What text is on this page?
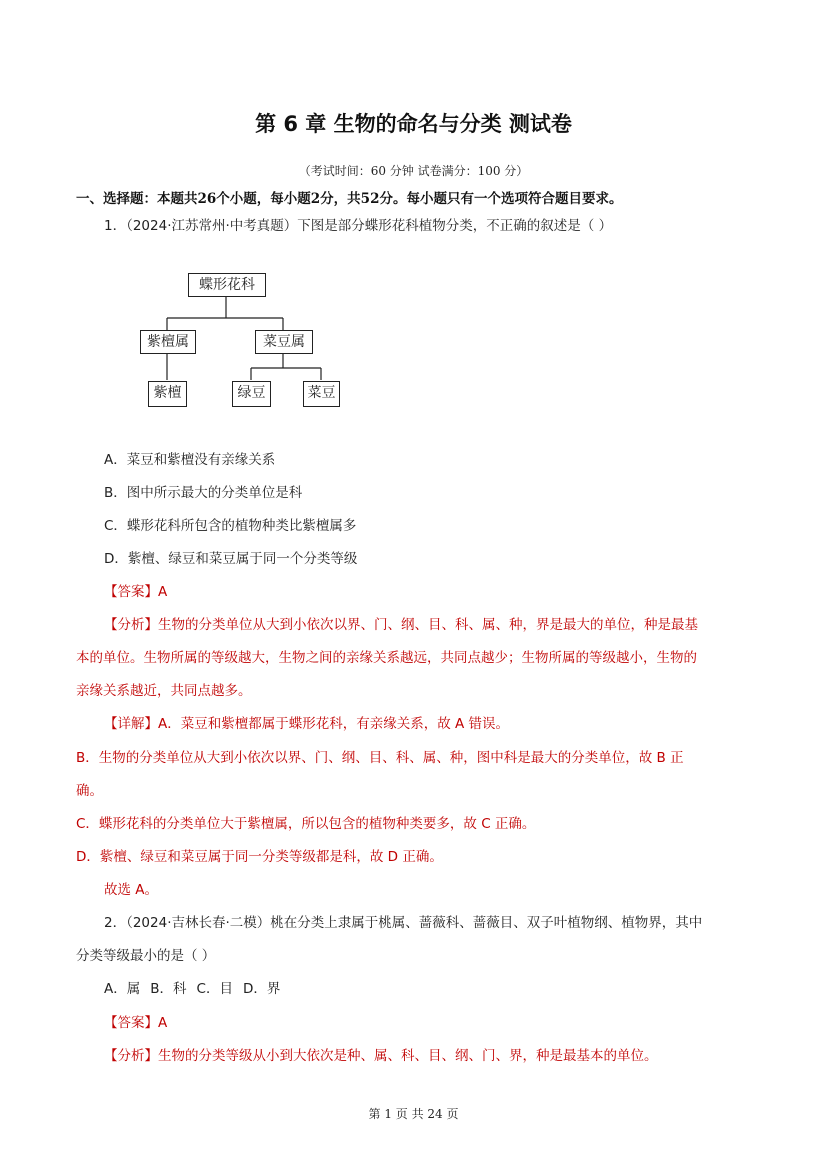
第 6 章 生物的命名与分类 测试卷
（考试时间：60 分钟 试卷满分：100 分）
一、选择题：本题共26个小题，每小题2分，共52分。每小题只有一个选项符合题目要求。
1．（2024·江苏常州·中考真题）下图是部分蝶形花科植物分类，不正确的叙述是（ ）
蝶形花科
紫檀属	菜豆属
紫檀	绿豆	菜豆
A．菜豆和紫檀没有亲缘关系
B．图中所示最大的分类单位是科
C．蝶形花科所包含的植物种类比紫檀属多
D．紫檀、绿豆和菜豆属于同一个分类等级
【答案】A
【分析】生物的分类单位从大到小依次以界、门、纲、目、科、属、种，界是最大的单位，种是最基
本的单位。生物所属的等级越大，生物之间的亲缘关系越远，共同点越少；生物所属的等级越小，生物的
亲缘关系越近，共同点越多。
【详解】A．菜豆和紫檀都属于蝶形花科，有亲缘关系，故 A 错误。
B．生物的分类单位从大到小依次以界、门、纲、目、科、属、种，图中科是最大的分类单位，故 B 正
确。
C．蝶形花科的分类单位大于紫檀属，所以包含的植物种类要多，故 C 正确。
D．紫檀、绿豆和菜豆属于同一分类等级都是科，故 D 正确。
故选 A。
2．（2024·吉林长春·二模）桃在分类上隶属于桃属、蔷薇科、蔷薇目、双子叶植物纲、植物界，其中
分类等级最小的是（ ）
A．属 B．科 C．目 D．界
【答案】A
【分析】生物的分类等级从小到大依次是种、属、科、目、纲、门、界，种是最基本的单位。
第 1 页 共 24 页
